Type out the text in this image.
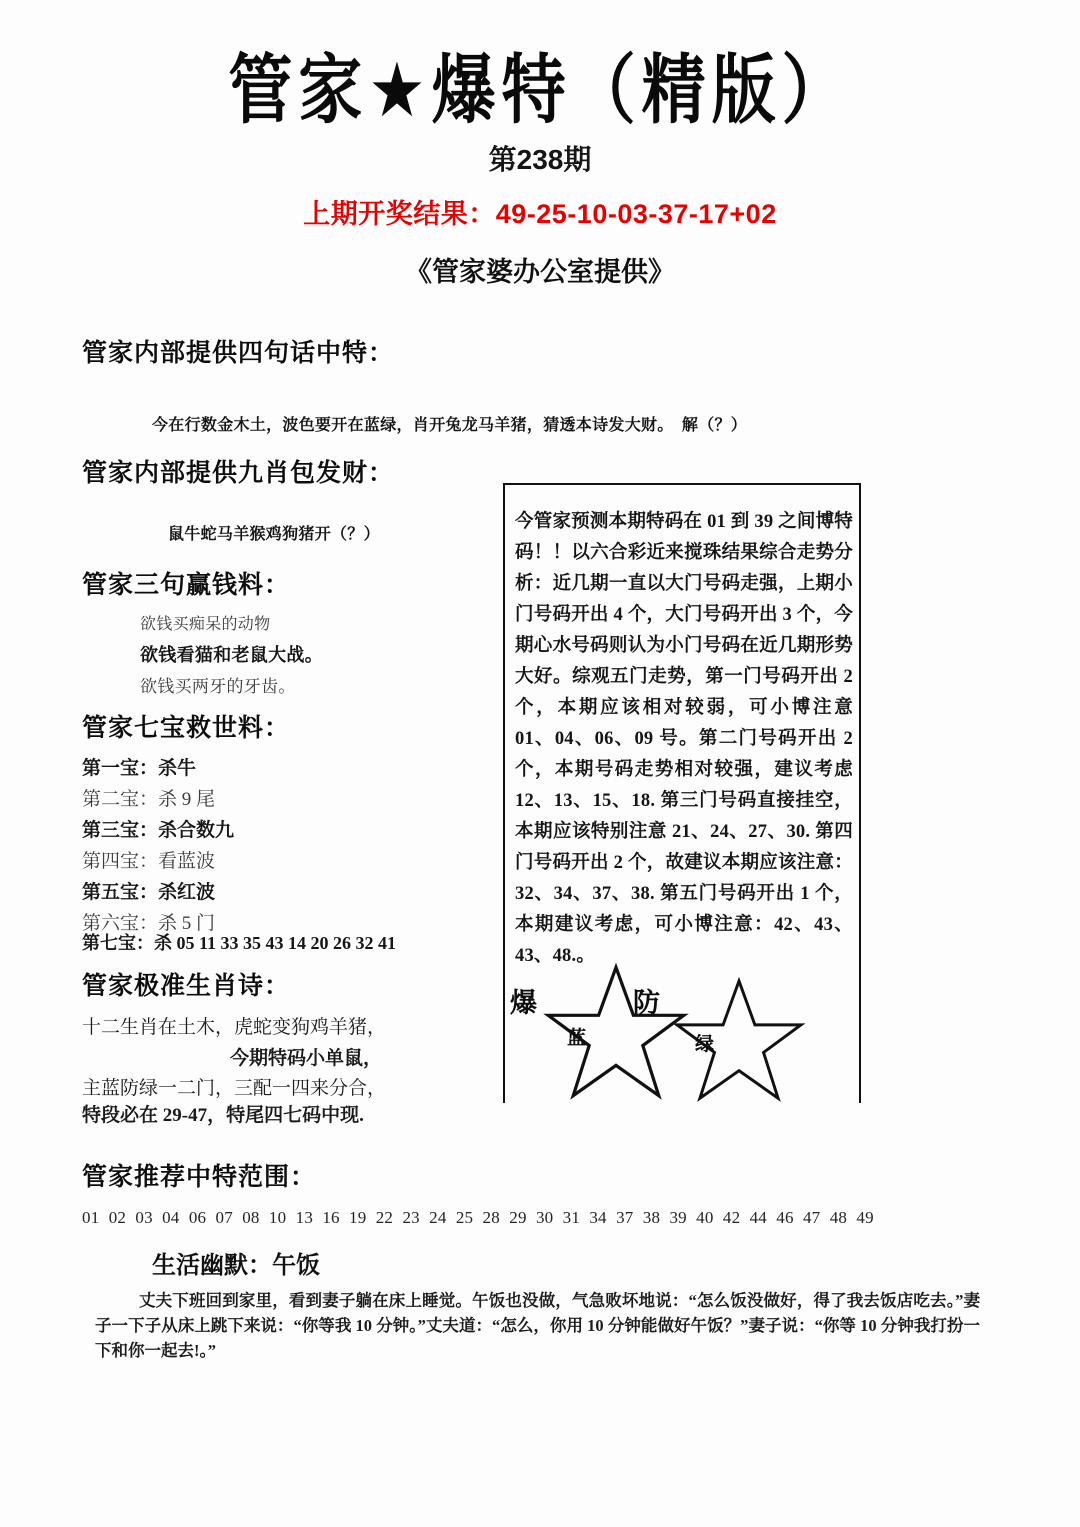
管家★爆特（精版）
第238期
上期开奖结果：49-25-10-03-37-17+02
《管家婆办公室提供》
管家内部提供四句话中特：
今在行数金木土，波色要开在蓝绿，肖开兔龙马羊猪，猜透本诗发大财。　解（？）
管家内部提供九肖包发财：
鼠牛蛇马羊猴鸡狗猪开（？）
管家三句赢钱料：
欲钱买痴呆的动物
欲钱看猫和老鼠大战。
欲钱买两牙的牙齿。
管家七宝救世料：
第一宝：杀牛
第二宝：杀 9 尾
第三宝：杀合数九
第四宝：看蓝波
第五宝：杀红波
第六宝：杀 5 门
第七宝：杀 05 11 33 35 43 14 20 26 32 41
管家极准生肖诗：
十二生肖在土木，虎蛇变狗鸡羊猪，
今期特码小单鼠，
主蓝防绿一二门，三配一四来分合，
特段必在 29-47，特尾四七码中现.
管家推荐中特范围：
01 02 03 04 06 07 08 10 13 16 19 22 23 24 25 28 29 30 31 34 37 38 39 40 42 44 46 47 48 49
生活幽默：午饭
丈夫下班回到家里，看到妻子躺在床上睡觉。午饭也没做，气急败坏地说：“怎么饭没做好，得了我去饭店吃去。”妻子一下子从床上跳下来说：“你等我 10 分钟。”丈夫道：“怎么，你用 10 分钟能做好午饭？”妻子说：“你等 10 分钟我打扮一下和你一起去!。”
今管家预测本期特码在 01 到 39 之间博特码！！以六合彩近来搅珠结果综合走势分析：近几期一直以大门号码走强，上期小门号码开出 4 个，大门号码开出 3 个，今期心水号码则认为小门号码在近几期形势大好。综观五门走势，第一门号码开出 2 个，本期应该相对较弱，可小博注意 01、04、06、09 号。第二门号码开出 2 个，本期号码走势相对较强，建议考虑 12、13、15、18. 第三门号码直接挂空，本期应该特别注意 21、24、27、30. 第四门号码开出 2 个，故建议本期应该注意：32、34、37、38. 第五门号码开出 1 个，本期建议考虑，可小博注意：42、43、43、48.。
爆
蓝
防
绿
